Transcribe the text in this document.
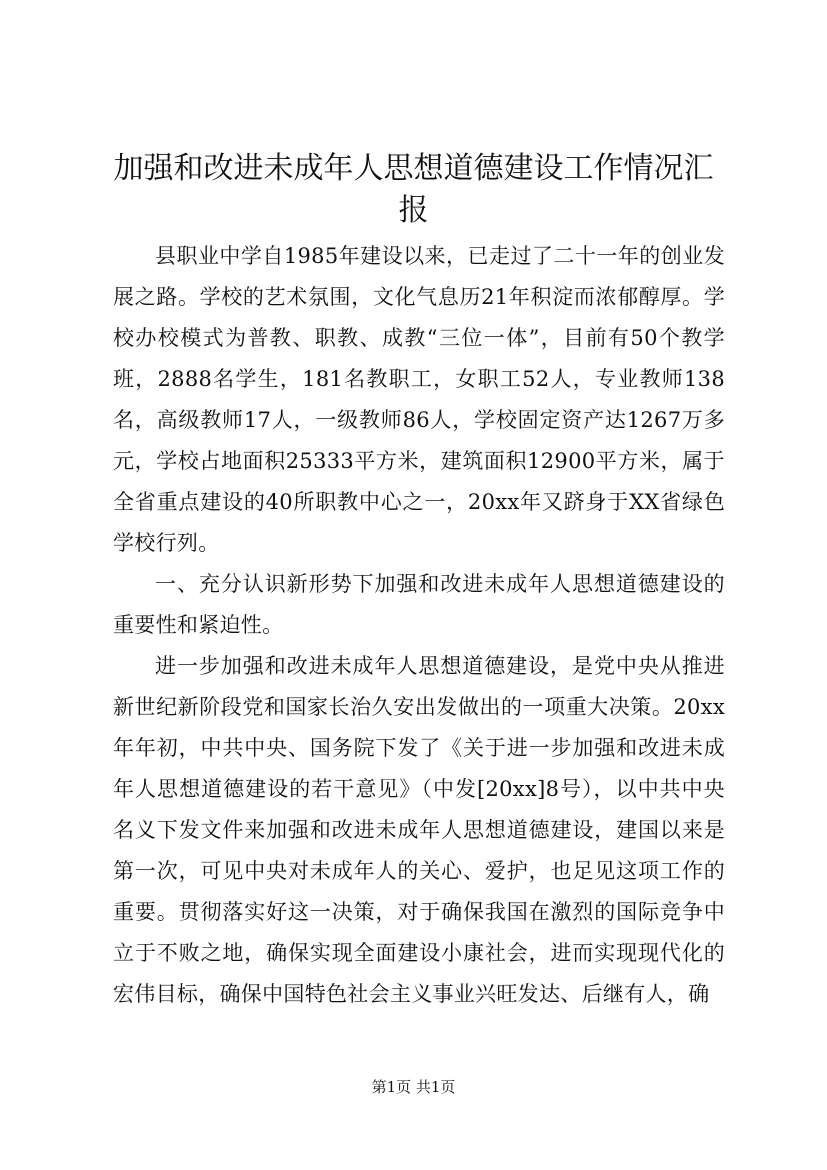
加强和改进未成年人思想道德建设工作情况汇报

县职业中学自1985年建设以来，已走过了二十一年的创业发展之路。学校的艺术氛围，文化气息历21年积淀而浓郁醇厚。学校办校模式为普教、职教、成教“三位一体”，目前有50个教学班，2888名学生，181名教职工，女职工52人，专业教师138名，高级教师17人，一级教师86人，学校固定资产达1267万多元，学校占地面积25333平方米，建筑面积12900平方米，属于全省重点建设的40所职教中心之一，20xx年又跻身于XX省绿色学校行列。

一、充分认识新形势下加强和改进未成年人思想道德建设的重要性和紧迫性。

进一步加强和改进未成年人思想道德建设，是党中央从推进新世纪新阶段党和国家长治久安出发做出的一项重大决策。20xx年年初，中共中央、国务院下发了《关于进一步加强和改进未成年人思想道德建设的若干意见》（中发[20xx]8号），以中共中央名义下发文件来加强和改进未成年人思想道德建设，建国以来是第一次，可见中央对未成年人的关心、爱护，也足见这项工作的重要。贯彻落实好这一决策，对于确保我国在激烈的国际竞争中立于不败之地，确保实现全面建设小康社会，进而实现现代化的宏伟目标，确保中国特色社会主义事业兴旺发达、后继有人，确

第1页 共1页
